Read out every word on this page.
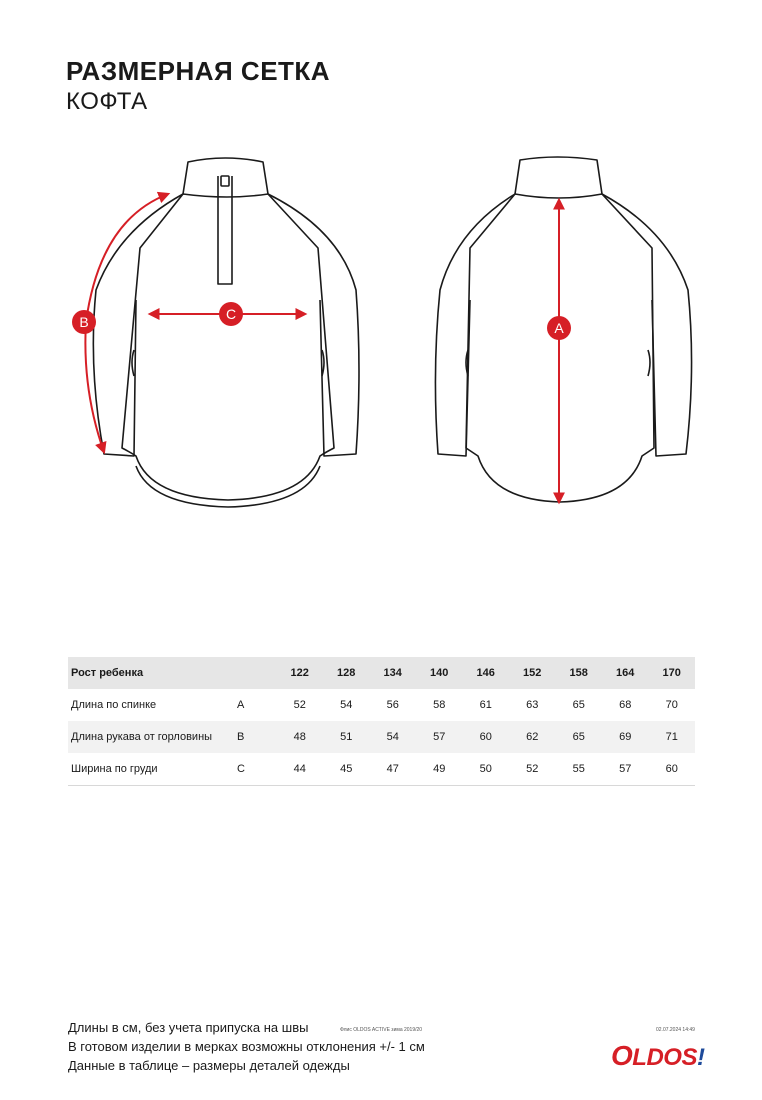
РАЗМЕРНАЯ СЕТКА
КОФТА
C
B	A
Рост ребенка		122	128	134	140	146	152	158	164	170
Длина по спинке	A	52	54	56	58	61	63	65	68	70
Длина рукава от горловины	B	48	51	54	57	60	62	65	69	71
Ширина по груди	C	44	45	47	49	50	52	55	57	60
Длины в см, без учета припуска на швы
В готовом изделии в мерках возможны отклонения +/- 1 см
Данные в таблице – размеры деталей одежды
Флис OLDOS ACTIVE зима 2019/20	02.07.2024 14:49
OLDOS!
